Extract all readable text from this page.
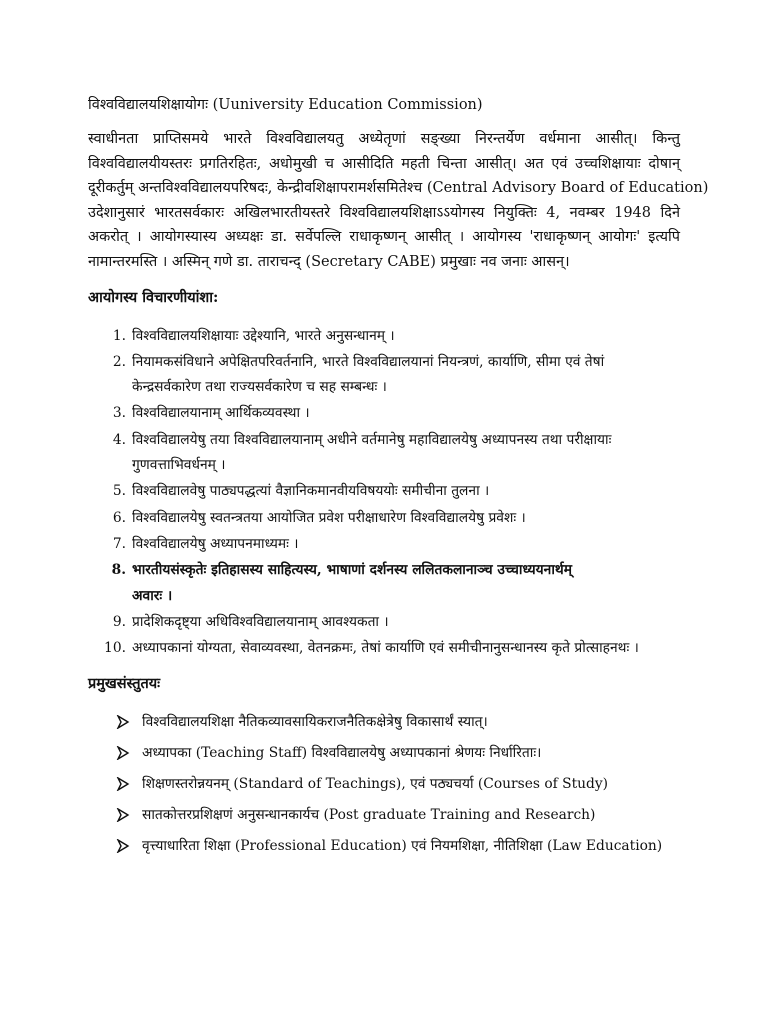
विश्वविद्यालयशिक्षायोगः (Uuniversity Education Commission)

स्वाधीनता प्राप्तिसमये भारते विश्वविद्यालयतु अध्येतृणां सङ्ख्या निरन्तर्येण वर्धमाना आसीत्। किन्तु

विश्वविद्यालयीयस्तरः प्रगतिरहितः, अधोमुखी च आसीदिति महती चिन्ता आसीत्। अत एवं उच्चशिक्षायाः दोषान्

दूरीकर्तुम् अन्तविश्वविद्यालयपरिषदः, केन्द्रीवशिक्षापरामर्शसमितेश्च (Central Advisory Board of Education)

उदेशानुसारं भारतसर्वकारः अखिलभारतीयस्तरे विश्वविद्यालयशिक्षाऽऽयोगस्य नियुक्तिः 4, नवम्बर 1948 दिने

अकरोत् । आयोगस्यास्य अध्यक्षः डा. सर्वेपल्लि राधाकृष्णन् आसीत् । आयोगस्य 'राधाकृष्णन् आयोगः' इत्यपि

नामान्तरमस्ति । अस्मिन् गणे डा. ताराचन्द् (Secretary CABE) प्रमुखाः नव जनाः आसन्।

आयोगस्य विचारणीयांशा:
1. विश्वविद्यालयशिक्षायाः उद्देश्यानि, भारते अनुसन्धानम् ।
2. नियामकसंविधाने अपेक्षितपरिवर्तनानि, भारते विश्वविद्यालयानां नियन्त्रणं, कार्याणि, सीमा एवं तेषां
केन्द्रसर्वकारेण तथा राज्यसर्वकारेण च सह सम्बन्धः ।
3. विश्वविद्यालयानाम् आर्थिकव्यवस्था ।
4. विश्वविद्यालयेषु तया विश्वविद्यालयानाम् अधीने वर्तमानेषु महाविद्यालयेषु अध्यापनस्य तथा परीक्षायाः
गुणवत्ताभिवर्धनम् ।
5. विश्वविद्यालवेषु पाठ्यपद्धत्यां वैज्ञानिकमानवीयविषययोः समीचीना तुलना ।
6. विश्वविद्यालयेषु स्वतन्त्रतया आयोजित प्रवेश परीक्षाधारेण विश्वविद्यालयेषु प्रवेशः ।
7. विश्वविद्यालयेषु अध्यापनमाध्यमः ।
8. भारतीयसंस्कृतेः इतिहासस्य साहित्यस्य, भाषाणां दर्शनस्य ललितकलानाञ्च उच्चाध्ययनार्थम्
अवारः ।
9. प्रादेशिकदृष्ट्या अधिविश्वविद्यालयानाम् आवश्यकता ।
10. अध्यापकानां योग्यता, सेवाव्यवस्था, वेतनक्रमः, तेषां कार्याणि एवं समीचीनानुसन्धानस्य कृते प्रोत्साहनथः ।
प्रमुखसंस्तुतयः
विश्वविद्यालयशिक्षा नैतिकव्यावसायिकराजनैतिकक्षेत्रेषु विकासार्थं स्यात्।
अध्यापका (Teaching Staff) विश्वविद्यालयेषु अध्यापकानां श्रेणयः निर्धारिताः।
शिक्षणस्तरोन्नयनम् (Standard of Teachings), एवं पठ्यचर्या (Courses of Study)
सातकोत्तरप्रशिक्षणं अनुसन्धानकार्यच (Post graduate Training and Research)
वृत्त्याधारिता शिक्षा (Professional Education) एवं नियमशिक्षा, नीतिशिक्षा (Law Education)
